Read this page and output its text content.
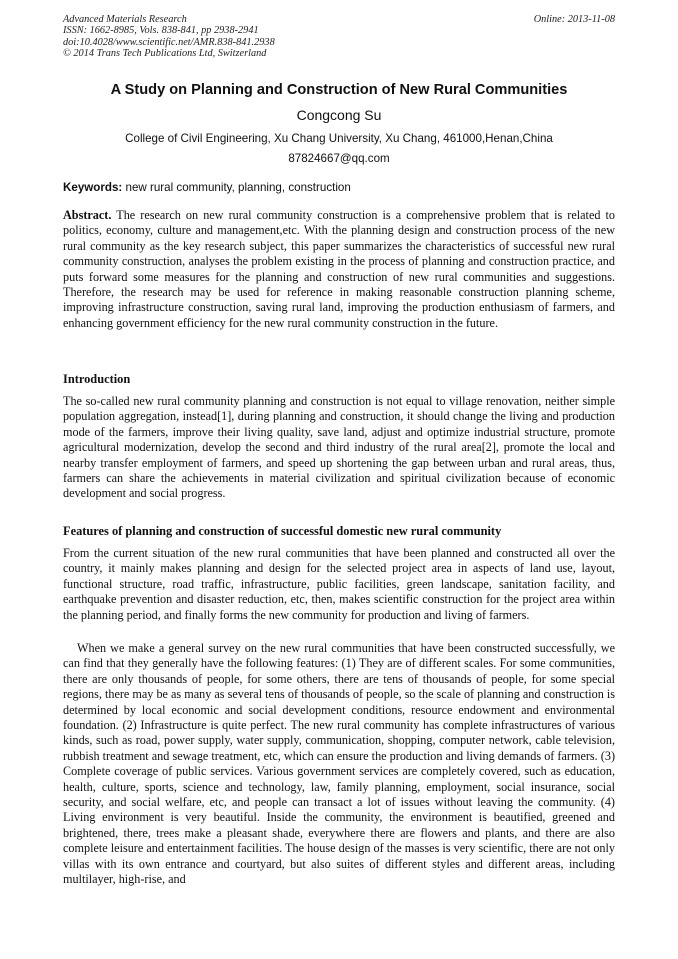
Advanced Materials Research
ISSN: 1662-8985, Vols. 838-841, pp 2938-2941
doi:10.4028/www.scientific.net/AMR.838-841.2938
© 2014 Trans Tech Publications Ltd, Switzerland
Online: 2013-11-08
A Study on Planning and Construction of New Rural Communities
Congcong Su
College of Civil Engineering, Xu Chang University, Xu Chang, 461000,Henan,China
87824667@qq.com
Keywords: new rural community, planning, construction

Abstract. The research on new rural community construction is a comprehensive problem that is related to politics, economy, culture and management,etc. With the planning design and construction process of the new rural community as the key research subject, this paper summarizes the characteristics of successful new rural community construction, analyses the problem existing in the process of planning and construction practice, and puts forward some measures for the planning and construction of new rural communities and suggestions. Therefore, the research may be used for reference in making reasonable construction planning scheme, improving infrastructure construction, saving rural land, improving the production enthusiasm of farmers, and enhancing government efficiency for the new rural community construction in the future.

Introduction

The so-called new rural community planning and construction is not equal to village renovation, neither simple population aggregation, instead[1], during planning and construction, it should change the living and production mode of the farmers, improve their living quality, save land, adjust and optimize industrial structure, promote agricultural modernization, develop the second and third industry of the rural area[2], promote the local and nearby transfer employment of farmers, and speed up shortening the gap between urban and rural areas, thus, farmers can share the achievements in material civilization and spiritual civilization because of economic development and social progress.

Features of planning and construction of successful domestic new rural community

From the current situation of the new rural communities that have been planned and constructed all over the country, it mainly makes planning and design for the selected project area in aspects of land use, layout, functional structure, road traffic, infrastructure, public facilities, green landscape, sanitation facility, and earthquake prevention and disaster reduction, etc, then, makes scientific construction for the project area within the planning period, and finally forms the new community for production and living of farmers.

When we make a general survey on the new rural communities that have been constructed successfully, we can find that they generally have the following features: (1) They are of different scales. For some communities, there are only thousands of people, for some others, there are tens of thousands of people, for some special regions, there may be as many as several tens of thousands of people, so the scale of planning and construction is determined by local economic and social development conditions, resource endowment and environmental foundation. (2) Infrastructure is quite perfect. The new rural community has complete infrastructures of various kinds, such as road, power supply, water supply, communication, shopping, computer network, cable television, rubbish treatment and sewage treatment, etc, which can ensure the production and living demands of farmers. (3) Complete coverage of public services. Various government services are completely covered, such as education, health, culture, sports, science and technology, law, family planning, employment, social insurance, social security, and social welfare, etc, and people can transact a lot of issues without leaving the community. (4) Living environment is very beautiful. Inside the community, the environment is beautified, greened and brightened, there, trees make a pleasant shade, everywhere there are flowers and plants, and there are also complete leisure and entertainment facilities. The house design of the masses is very scientific, there are not only villas with its own entrance and courtyard, but also suites of different styles and different areas, including multilayer, high-rise, and
